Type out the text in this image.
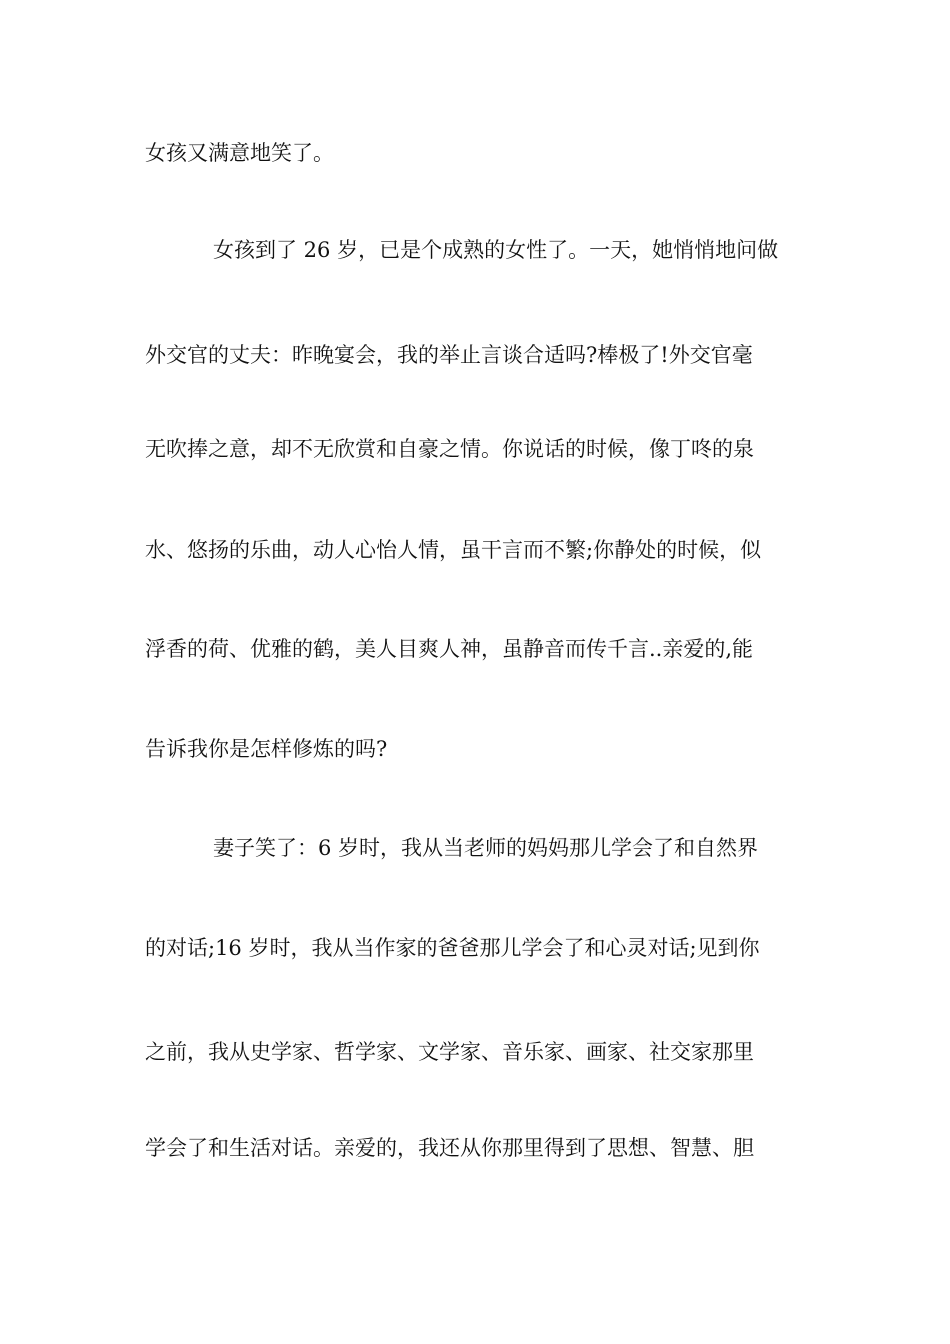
女孩又满意地笑了。
女孩到了 26 岁，已是个成熟的女性了。一天，她悄悄地问做
外交官的丈夫：昨晚宴会，我的举止言谈合适吗?棒极了!外交官毫
无吹捧之意，却不无欣赏和自豪之情。你说话的时候，像丁咚的泉
水、悠扬的乐曲，动人心怡人情，虽干言而不繁;你静处的时候，似
浮香的荷、优雅的鹤，美人目爽人神，虽静音而传千言..亲爱的,能
告诉我你是怎样修炼的吗?
妻子笑了：6 岁时，我从当老师的妈妈那儿学会了和自然界
的对话;16 岁时，我从当作家的爸爸那儿学会了和心灵对话;见到你
之前，我从史学家、哲学家、文学家、音乐家、画家、社交家那里
学会了和生活对话。亲爱的，我还从你那里得到了思想、智慧、胆
